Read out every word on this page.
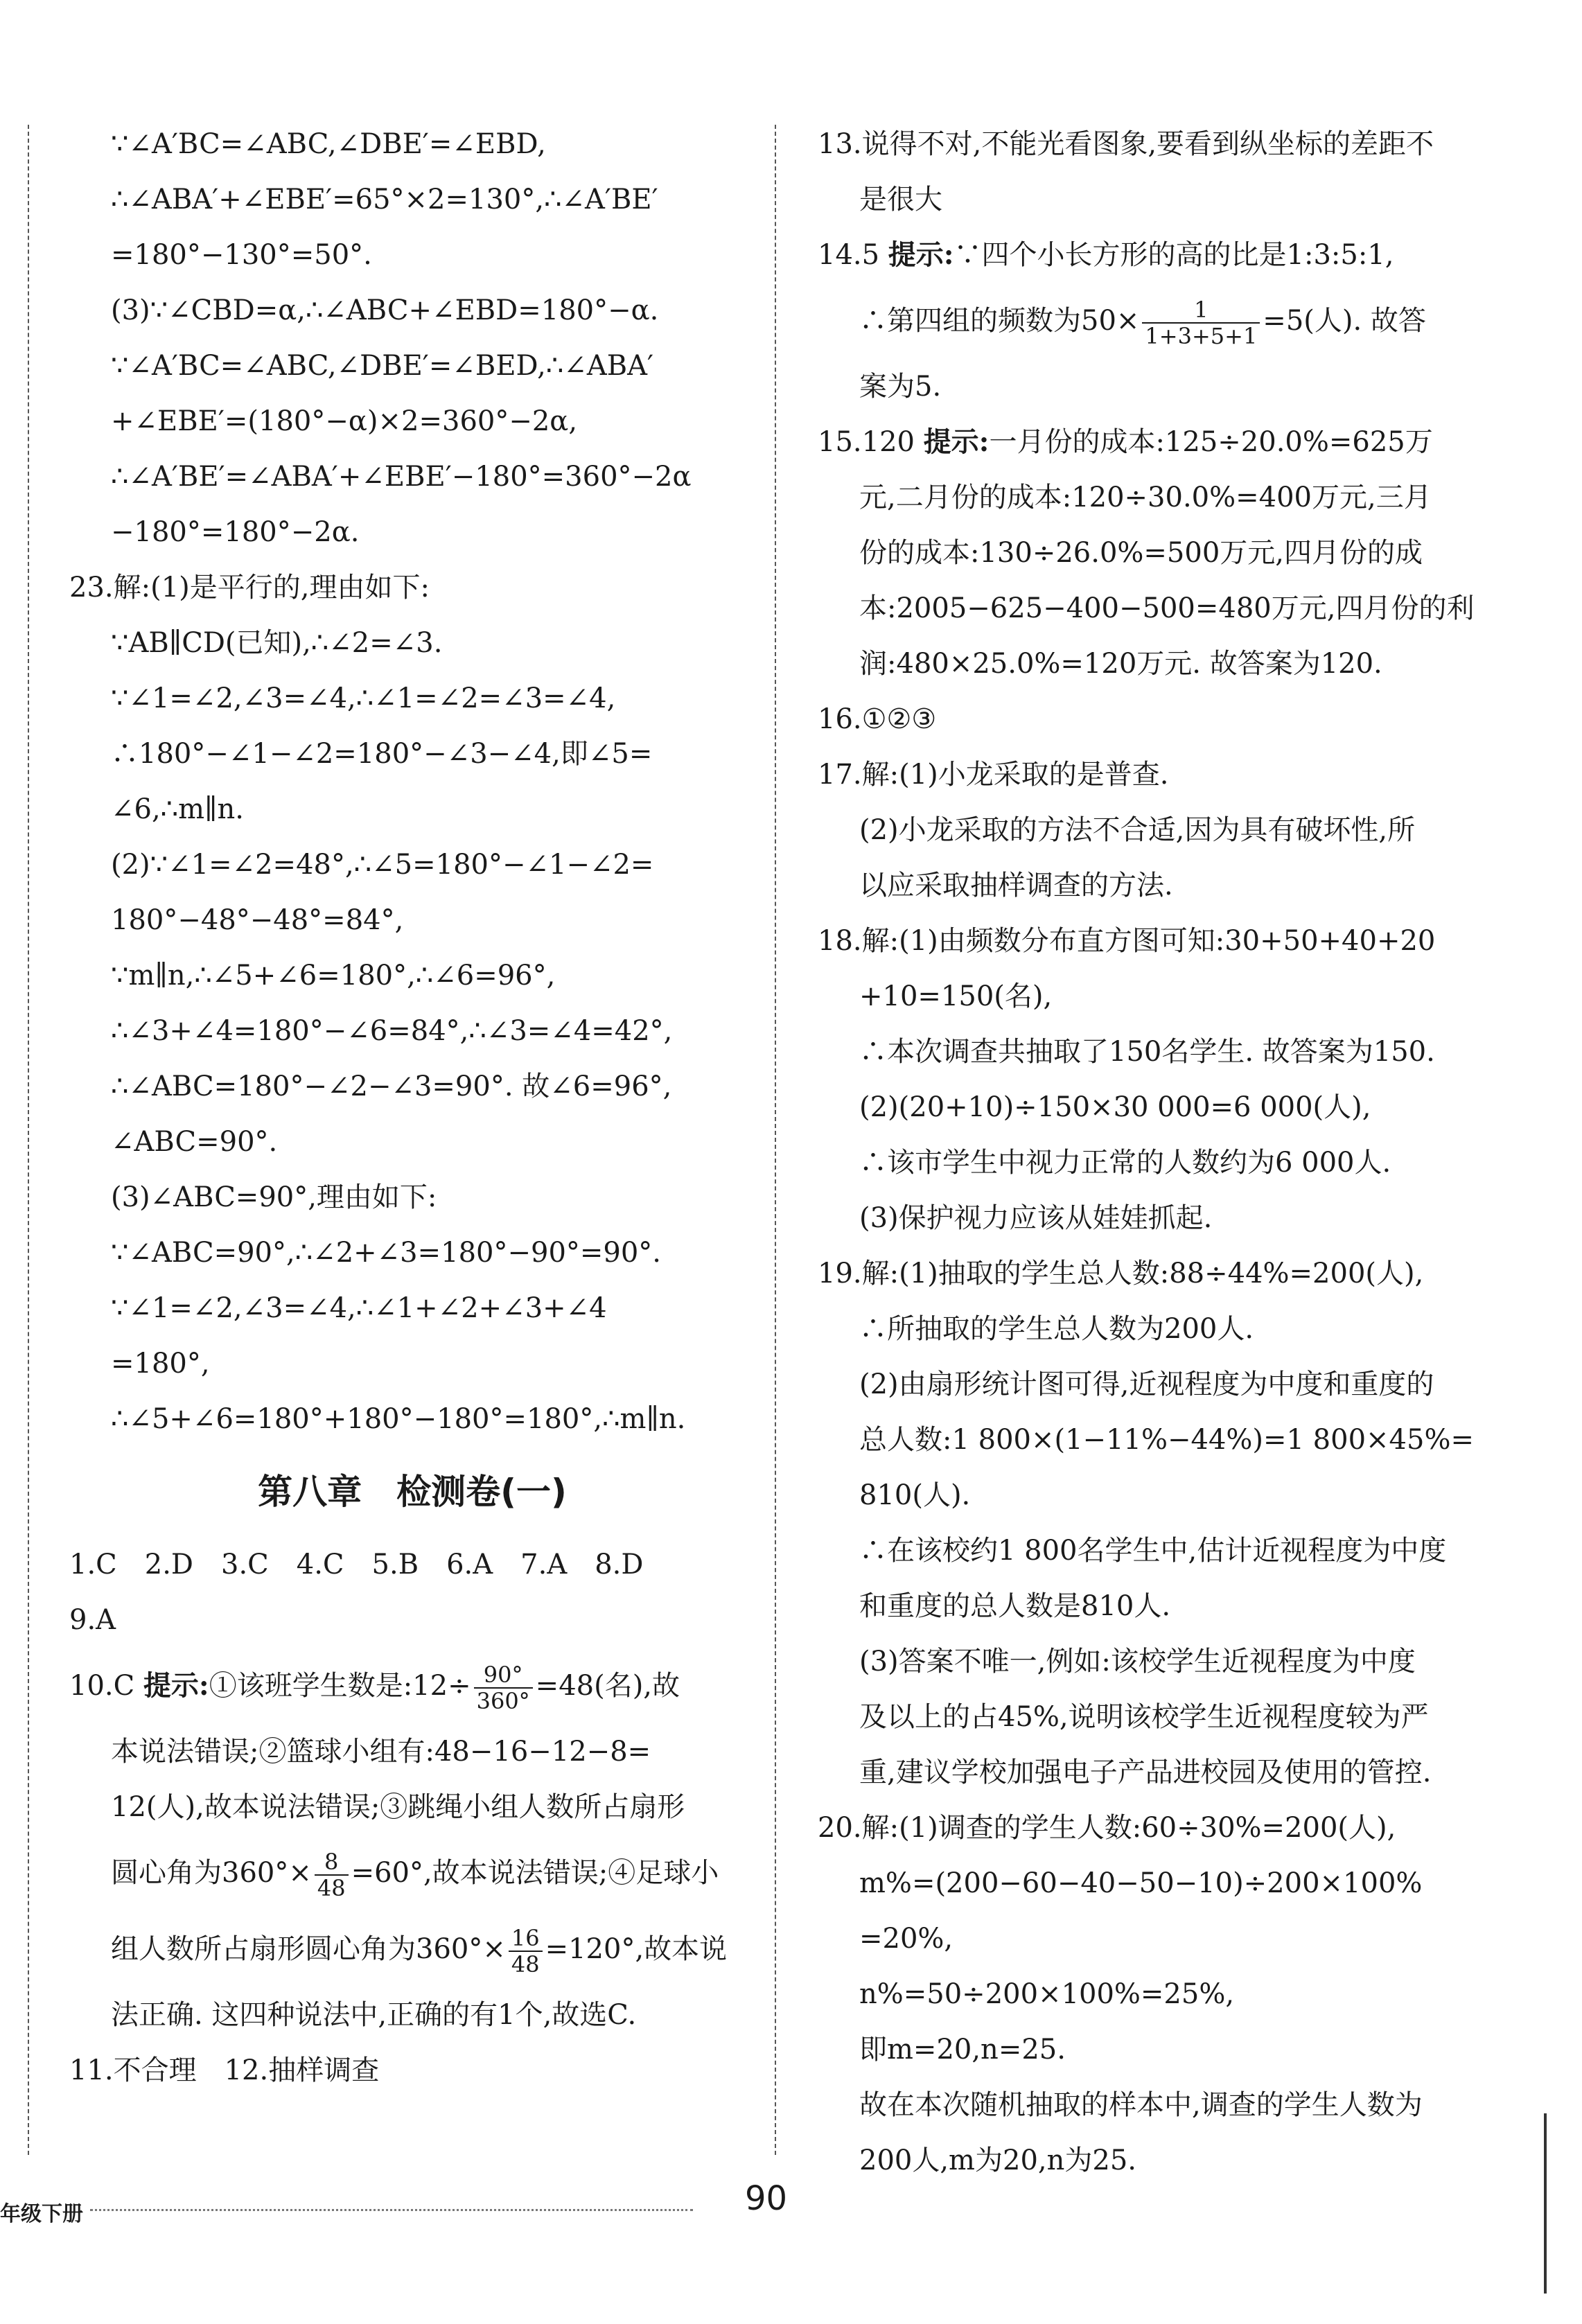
∵∠A′BC=∠ABC,∠DBE′=∠EBD,
∴∠ABA′+∠EBE′=65°×2=130°,∴∠A′BE′
=180°−130°=50°.
(3)∵∠CBD=α,∴∠ABC+∠EBD=180°−α.
∵∠A′BC=∠ABC,∠DBE′=∠BED,∴∠ABA′
+∠EBE′=(180°−α)×2=360°−2α,
∴∠A′BE′=∠ABA′+∠EBE′−180°=360°−2α
−180°=180°−2α.
23.解:(1)是平行的,理由如下:
∵AB∥CD(已知),∴∠2=∠3.
∵∠1=∠2,∠3=∠4,∴∠1=∠2=∠3=∠4,
∴180°−∠1−∠2=180°−∠3−∠4,即∠5=
∠6,∴m∥n.
(2)∵∠1=∠2=48°,∴∠5=180°−∠1−∠2=
180°−48°−48°=84°,
∵m∥n,∴∠5+∠6=180°,∴∠6=96°,
∴∠3+∠4=180°−∠6=84°,∴∠3=∠4=42°,
∴∠ABC=180°−∠2−∠3=90°. 故∠6=96°,
∠ABC=90°.
(3)∠ABC=90°,理由如下:
∵∠ABC=90°,∴∠2+∠3=180°−90°=90°.
∵∠1=∠2,∠3=∠4,∴∠1+∠2+∠3+∠4
=180°,
∴∠5+∠6=180°+180°−180°=180°,∴m∥n.
第八章　检测卷(一)
1.C　2.D　3.C　4.C　5.B　6.A　7.A　8.D
9.A
10.C 提示:①该班学生数是:12÷ $\frac{90^\circ}{360^\circ} =48$(名),故
本说法错误;②篮球小组有:48−16−12−8=
12(人),故本说法错误;③跳绳小组人数所占扇形
圆心角为$360^\circ\times \frac{8}{48} =60^\circ$,故本说法错误;④足球小
组人数所占扇形圆心角为$360^\circ\times \frac{16}{48} =120^\circ$,故本说
法正确. 这四种说法中,正确的有1个,故选C.
11.不合理　12.抽样调查
13.说得不对,不能光看图象,要看到纵坐标的差距不
是很大
14.5 提示:∵四个小长方形的高的比是1:3:5:1,
∴第四组的频数为$50\times \frac{1}{1+3+5+1} =5$(人). 故答
案为5.
15.120 提示:一月份的成本:125÷20.0%=625万
元,二月份的成本:120÷30.0%=400万元,三月
份的成本:130÷26.0%=500万元,四月份的成
本:2005−625−400−500=480万元,四月份的利
润:480×25.0%=120万元. 故答案为120.
16.①②③
17.解:(1)小龙采取的是普查.
(2)小龙采取的方法不合适,因为具有破坏性,所
以应采取抽样调查的方法.
18.解:(1)由频数分布直方图可知:30+50+40+20
+10=150(名),
∴本次调查共抽取了150名学生. 故答案为150.
(2)(20+10)÷150×30 000=6 000(人),
∴该市学生中视力正常的人数约为6 000人.
(3)保护视力应该从娃娃抓起.
19.解:(1)抽取的学生总人数:88÷44%=200(人),
∴所抽取的学生总人数为200人.
(2)由扇形统计图可得,近视程度为中度和重度的
总人数:1 800×(1−11%−44%)=1 800×45%=
810(人).
∴在该校约1 800名学生中,估计近视程度为中度
和重度的总人数是810人.
(3)答案不唯一,例如:该校学生近视程度为中度
及以上的占45%,说明该校学生近视程度较为严
重,建议学校加强电子产品进校园及使用的管控.
20.解:(1)调查的学生人数:60÷30%=200(人),
m%=(200−60−40−50−10)÷200×100%
=20%,
n%=50÷200×100%=25%,
即m=20,n=25.
故在本次随机抽取的样本中,调查的学生人数为
200人,m为20,n为25.
年级下册	90
